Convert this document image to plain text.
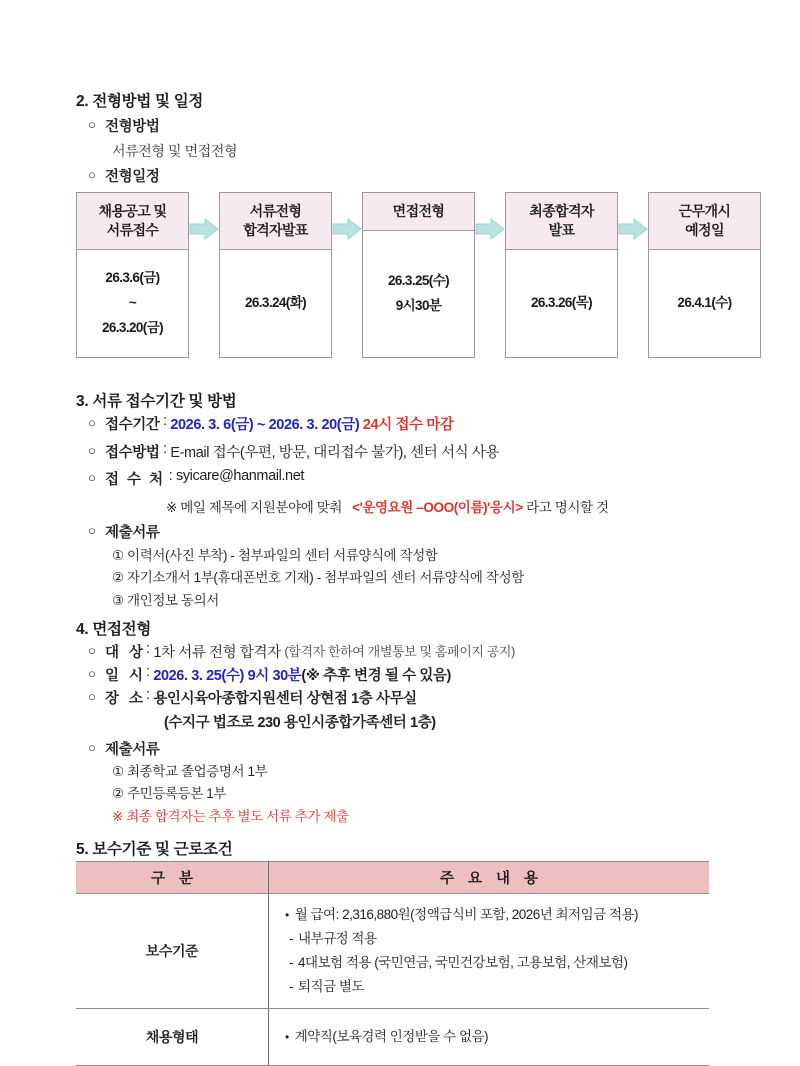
2. 전형방법 및 일정
○ 전형방법
서류전형 및 면접전형
○ 전형일정
채용공고 및
서류접수
26.3.6(금)
~
26.3.20(금)
서류전형
합격자발표
26.3.24(화)
면접전형
26.3.25(수)
9시30분
최종합격자
발표
26.3.26(목)
근무개시
예정일
26.4.1(수)
3. 서류 접수기간 및 방법
○ 접수기간 : 2026. 3. 6(금) ~ 2026. 3. 20(금)
24시 접수 마감
○ 접수방법 : E-mail 접수(우편, 방문, 대리접수 불가), 센터 서식 사용
○ 접 수 처 : syicare@hanmail.net
※ 메일 제목에 지원분야에 맞춰 <'운영요원 –OOO(이름)'응시> 라고 명시할 것
○ 제출서류
① 이력서(사진 부착) - 첨부파일의 센터 서류양식에 작성함
② 자기소개서 1부(휴대폰번호 기재) - 첨부파일의 센터 서류양식에 작성함
③ 개인정보 동의서
4. 면접전형
○ 대 상 : 1차 서류 전형 합격자
(합격자 한하여 개별통보 및 홈페이지 공지)
○ 일 시 : 2026. 3. 25(수) 9시 30분 (※ 추후 변경 될 수 있음)
○ 장 소 : 용인시육아종합지원센터 상현점 1층 사무실
(수지구 법조로 230 용인시종합가족센터 1층)
○ 제출서류
① 최종학교 졸업증명서 1부
② 주민등록등본 1부
※ 최종 합격자는 추후 별도 서류 추가 제출
5. 보수기준 및 근로조건
구 분	주 요 내 용
보수기준	• 월 급여: 2,316,880원(정액급식비 포함, 2026년 최저임금 적용)
‐ 내부규정 적용
‐ 4대보험 적용 (국민연금, 국민건강보험, 고용보험, 산재보험)
‐ 퇴직금 별도

채용형태	• 계약직(보육경력 인정받을 수 없음)
